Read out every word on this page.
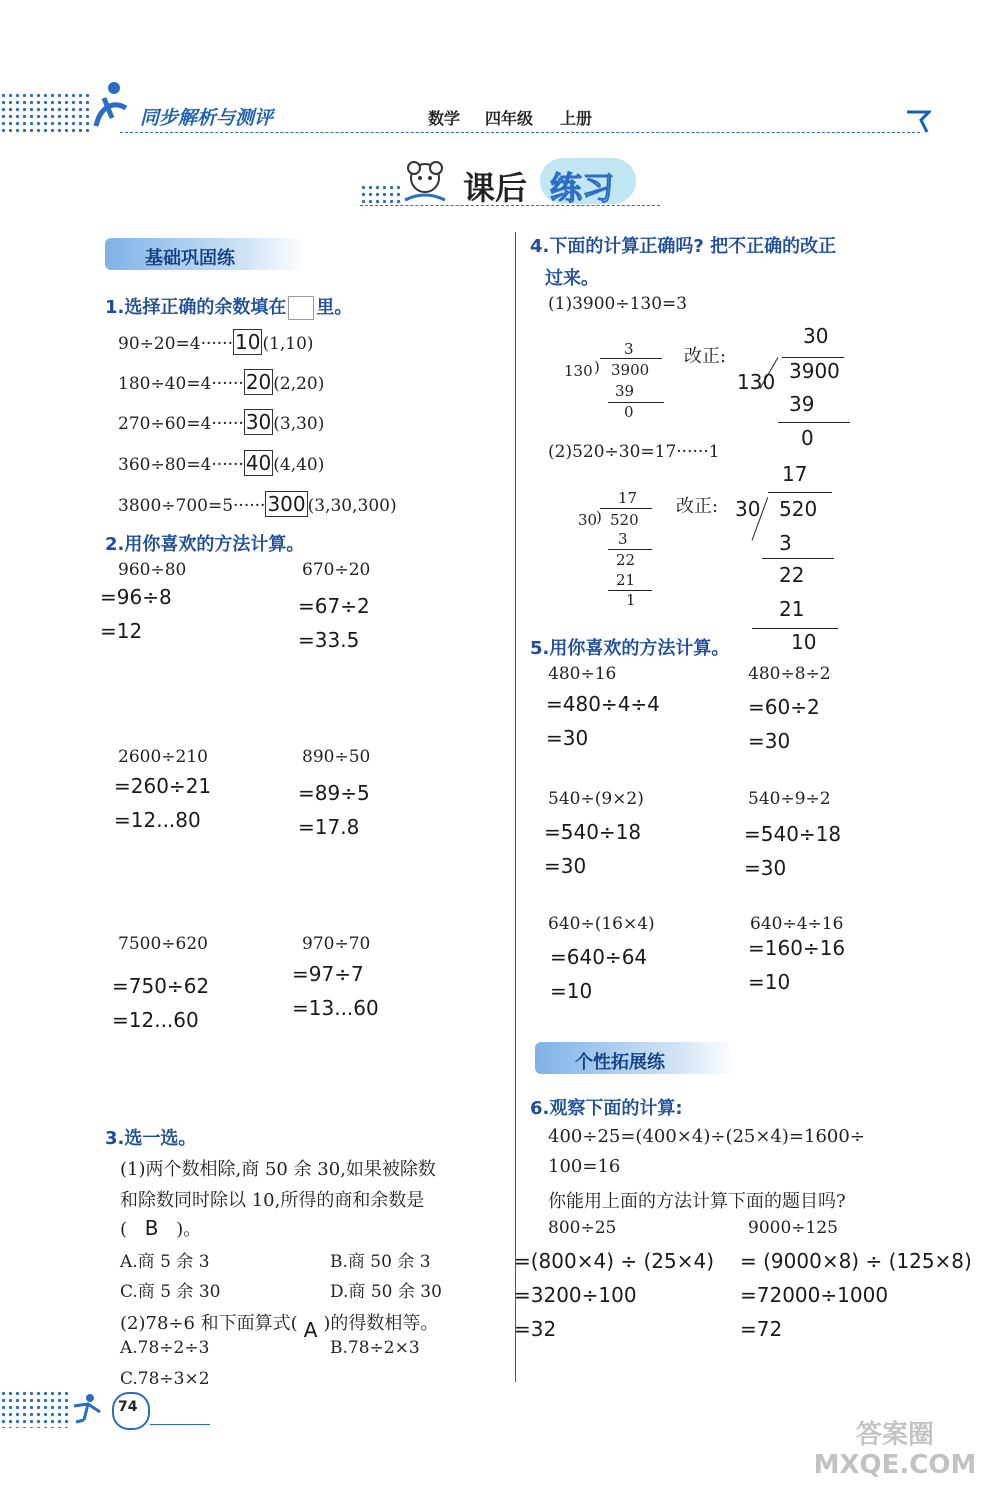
同步解析与测评	数学 四年级 上册
课后 练习
基础巩固练
1.选择正确的余数填在 里。
90÷20=4······ 10 (1,10)
180÷40=4······ 20 (2,20)
270÷60=4······ 30 (3,30)
360÷80=4······ 40 (4,40)
3800÷700=5······ 300 (3,30,300)
2.用你喜欢的方法计算。
960÷80
=96÷8
=12
670÷20
=67÷2
=33.5
2600÷210
=260÷21
=12...80
890÷50
=89÷5
=17.8
7500÷620
=750÷62
=12...60
970÷70
=97÷7
=13...60
3.选一选。
(1)两个数相除,商 50 余 30,如果被除数
和除数同时除以 10,所得的商和余数是
( B )。
A.商 5 余 3	B.商 50 余 3
C.商 5 余 30	D.商 50 余 30
(2)78÷6 和下面算式( A )的得数相等。
A.78÷2÷3	B.78÷2×3
C.78÷3×2
74
4.下面的计算正确吗? 把不正确的改正
过来。
(1)3900÷130=3
3
130 ) 3900
39
0
改正:
30
130 3900
39
0
(2)520÷30=17······1
17
30
) 520
3
22
21
1
改正:
17
30 520
3
22
21
10
5.用你喜欢的方法计算。
480÷16
=480÷4÷4
=30
480÷8÷2
=60÷2
=30
540÷(9×2)
=540÷18
=30
540÷9÷2
=540÷18
=30
640÷(16×4)
=640÷64
=10
640÷4÷16
=160÷16
=10
个性拓展练
6.观察下面的计算:
400÷25=(400×4)÷(25×4)=1600÷
100=16
你能用上面的方法计算下面的题目吗?
800÷25	9000÷125
=(800×4) ÷ (25×4)
=3200÷100
=32
= (9000×8) ÷ (125×8)
=72000÷1000
=72
答案圈 MXQE.COM
